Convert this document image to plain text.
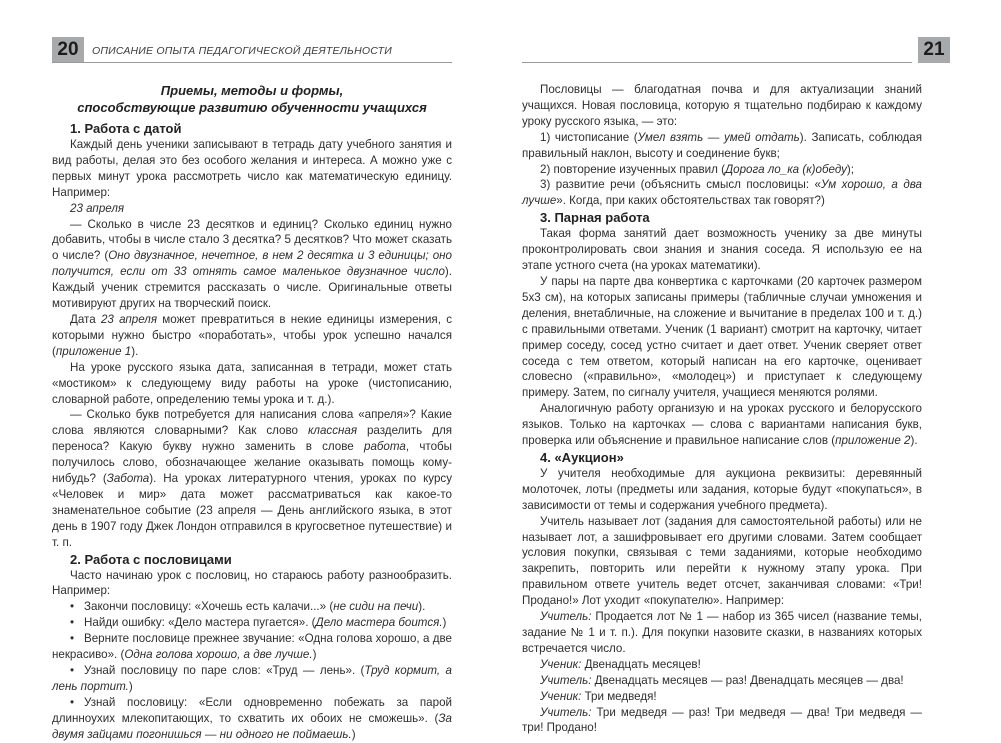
20	ОПИСАНИЕ ОПЫТА ПЕДАГОГИЧЕСКОЙ ДЕЯТЕЛЬНОСТИ
Приемы, методы и формы,
способствующие развитию обученности учащихся
1. Работа с датой

Каждый день ученики записывают в тетрадь дату учебного занятия и вид работы, делая это без особого желания и интереса. А можно уже с первых минут урока рассмотреть число как математическую единицу. Например:

23 апреля

— Сколько в числе 23 десятков и единиц? Сколько единиц нужно добавить, чтобы в числе стало 3 десятка? 5 десятков? Что может сказать о числе? (Оно двузначное, нечетное, в нем 2 десятка и 3 единицы; оно получится, если от 33 отнять самое маленькое двузначное число). Каждый ученик стремится рассказать о числе. Оригинальные ответы мотивируют других на творческий поиск.

Дата 23 апреля может превратиться в некие единицы измерения, с которыми нужно быстро «поработать», чтобы урок успешно начался (приложение 1).

На уроке русского языка дата, записанная в тетради, может стать «мостиком» к следующему виду работы на уроке (чистописанию, словарной работе, определению темы урока и т. д.).

— Сколько букв потребуется для написания слова «апреля»? Какие слова являются словарными? Как слово классная разделить для переноса? Какую букву нужно заменить в слове работа, чтобы получилось слово, обозначающее желание оказывать помощь кому-нибудь? (Забота). На уроках литературного чтения, уроках по курсу «Человек и мир» дата может рассматриваться как какое-то знаменательное событие (23 апреля — День английского языка, в этот день в 1907 году Джек Лондон отправился в кругосветное путешествие) и т. п.

2. Работа с пословицами

Часто начинаю урок с пословиц, но стараюсь работу разнообразить. Например:

• Закончи пословицу: «Хочешь есть калачи...» (не сиди на печи).

• Найди ошибку: «Дело мастера пугается». (Дело мастера боится.)

• Верните пословице прежнее звучание: «Одна голова хорошо, а две некрасиво». (Одна голова хорошо, а две лучше.)

• Узнай пословицу по паре слов: «Труд — лень». (Труд кормит, а лень портит.)

• Узнай пословицу: «Если одновременно побежать за парой длинноухих млекопитающих, то схватить их обоих не сможешь». (За двумя зайцами погонишься — ни одного не поймаешь.)

21

Пословицы — благодатная почва и для актуализации знаний учащихся. Новая пословица, которую я тщательно подбираю к каждому уроку русского языка, — это:

1) чистописание (Умел взять — умей отдать). Записать, соблюдая правильный наклон, высоту и соединение букв;

2) повторение изученных правил (Дорога ло_ка (к)обеду);

3) развитие речи (объяснить смысл пословицы: «Ум хорошо, а два лучше». Когда, при каких обстоятельствах так говорят?)

3. Парная работа

Такая форма занятий дает возможность ученику за две минуты проконтролировать свои знания и знания соседа. Я использую ее на этапе устного счета (на уроках математики).

У пары на парте два конвертика с карточками (20 карточек размером 5х3 см), на которых записаны примеры (табличные случаи умножения и деления, внетабличные, на сложение и вычитание в пределах 100 и т. д.) с правильными ответами. Ученик (1 вариант) смотрит на карточку, читает пример соседу, сосед устно считает и дает ответ. Ученик сверяет ответ соседа с тем ответом, который написан на его карточке, оценивает словесно («правильно», «молодец») и приступает к следующему примеру. Затем, по сигналу учителя, учащиеся меняются ролями.

Аналогичную работу организую и на уроках русского и белорусского языков. Только на карточках — слова с вариантами написания букв, проверка или объяснение и правильное написание слов (приложение 2).

4. «Аукцион»

У учителя необходимые для аукциона реквизиты: деревянный молоточек, лоты (предметы или задания, которые будут «покупаться», в зависимости от темы и содержания учебного предмета).

Учитель называет лот (задания для самостоятельной работы) или не называет лот, а зашифровывает его другими словами. Затем сообщает условия покупки, связывая с теми заданиями, которые необходимо закрепить, повторить или перейти к нужному этапу урока. При правильном ответе учитель ведет отсчет, заканчивая словами: «Три! Продано!» Лот уходит «покупателю». Например:

Учитель: Продается лот № 1 — набор из 365 чисел (название темы, задание № 1 и т. п.). Для покупки назовите сказки, в названиях которых встречается число.

Ученик: Двенадцать месяцев!

Учитель: Двенадцать месяцев — раз! Двенадцать месяцев — два!

Ученик: Три медведя!

Учитель: Три медведя — раз! Три медведя — два! Три медведя — три! Продано!
